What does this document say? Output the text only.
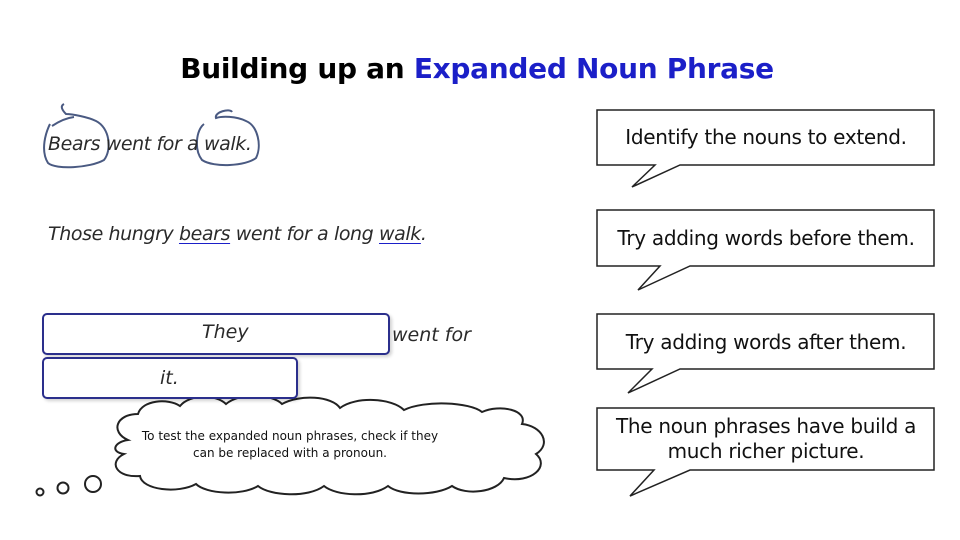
Building up an Expanded Noun Phrase
Bears went for a walk.
Those hungry bears went for a long walk.
They	went for
it.
Identify the nouns to extend.
Try adding words before them.
Try adding words after them.
The noun phrases have build a much richer picture.
To test the expanded noun phrases, check if they can be replaced with a pronoun.
